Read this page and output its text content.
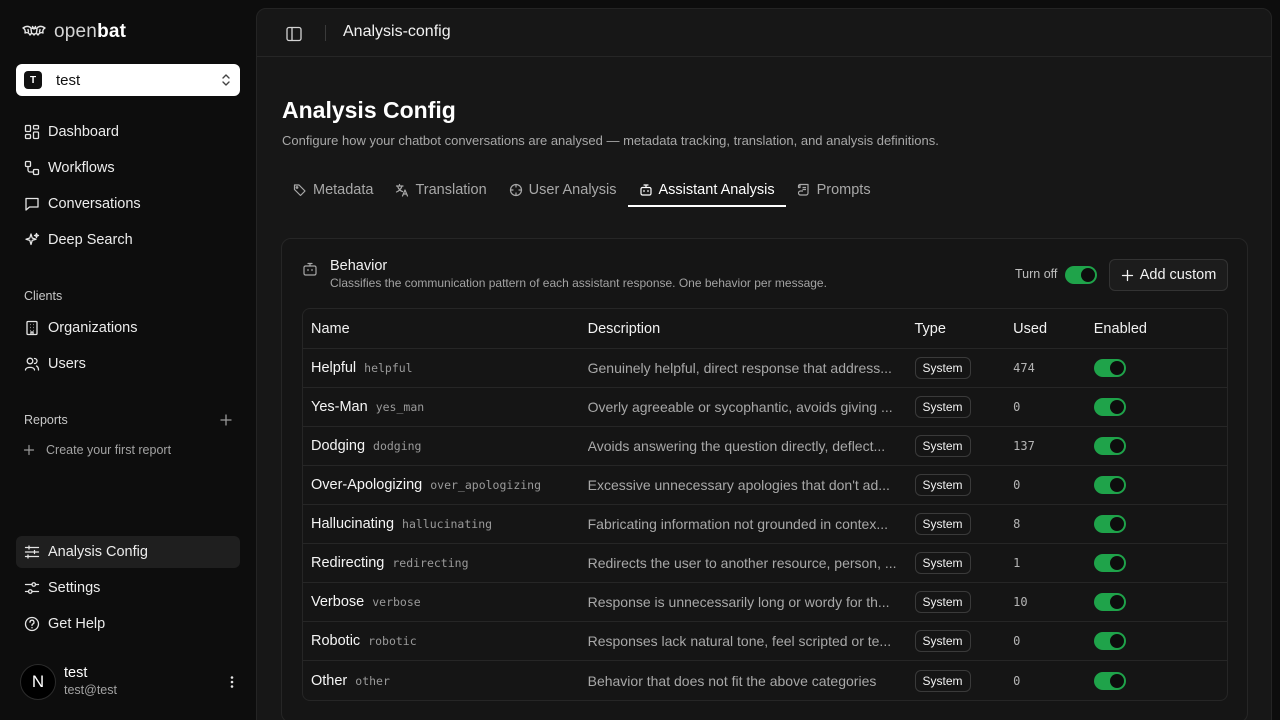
openbat
T	test
Dashboard
Workflows
Conversations
Deep Search
Clients
Organizations
Users
Reports
Create your first report
Analysis Config
Settings
Get Help
N	test
test@test
Analysis-config
Analysis Config

Configure how your chatbot conversations are analysed — metadata tracking, translation, and analysis definitions.

Metadata	Translation	User Analysis	Assistant Analysis	Prompts
Behavior
Classifies the communication pattern of each assistant response. One behavior per message.
Turn off	Add custom
Name	Description	Type	Used	Enabled
Helpful helpful	Genuinely helpful, direct response that address...	System	474	

Yes-Man yes_man	Overly agreeable or sycophantic, avoids giving ...	System	0	

Dodging dodging	Avoids answering the question directly, deflect...	System	137	

Over-Apologizing over_apologizing	Excessive unnecessary apologies that don't ad...	System	0	

Hallucinating hallucinating	Fabricating information not grounded in contex...	System	8	

Redirecting redirecting	Redirects the user to another resource, person, ...	System	1	

Verbose verbose	Response is unnecessarily long or wordy for th...	System	10	

Robotic robotic	Responses lack natural tone, feel scripted or te...	System	0	

Other other	Behavior that does not fit the above categories	System	0	
